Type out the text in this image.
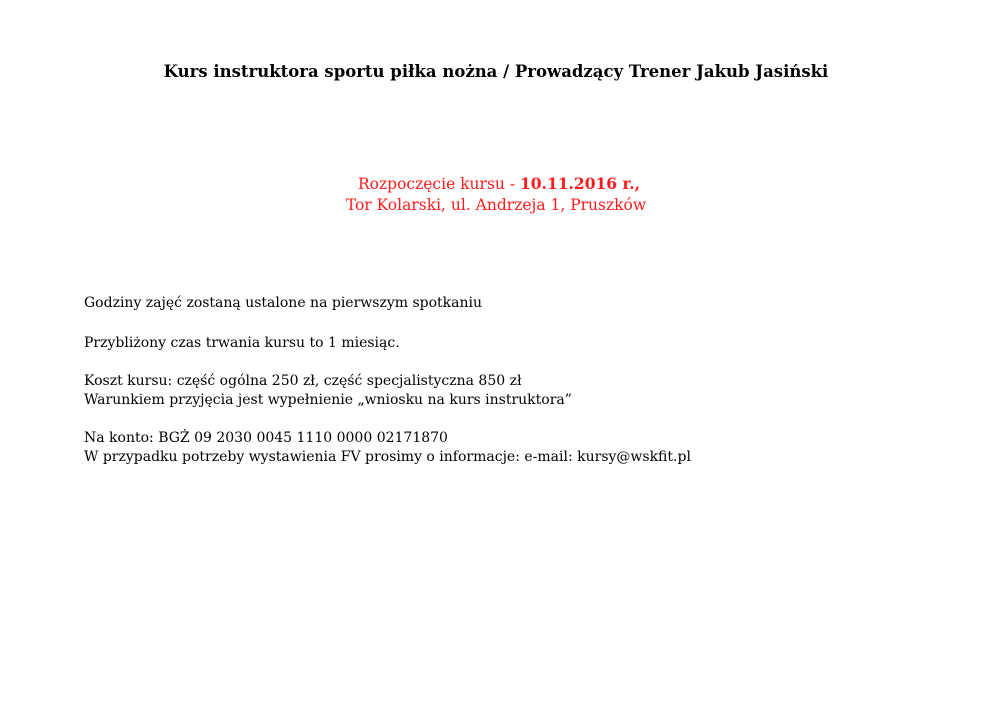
Kurs instruktora sportu piłka nożna / Prowadzący Trener Jakub Jasiński
Rozpoczęcie kursu - 10.11.2016 r.,
Tor Kolarski, ul. Andrzeja 1, Pruszków
Godziny zajęć zostaną ustalone na pierwszym spotkaniu
Przybliżony czas trwania kursu to 1 miesiąc.
Koszt kursu: część ogólna 250 zł, część specjalistyczna 850 zł
Warunkiem przyjęcia jest wypełnienie „wniosku na kurs instruktora”
Na konto: BGŻ 09 2030 0045 1110 0000 02171870
W przypadku potrzeby wystawienia FV prosimy o informacje: e-mail: kursy@wskfit.pl
